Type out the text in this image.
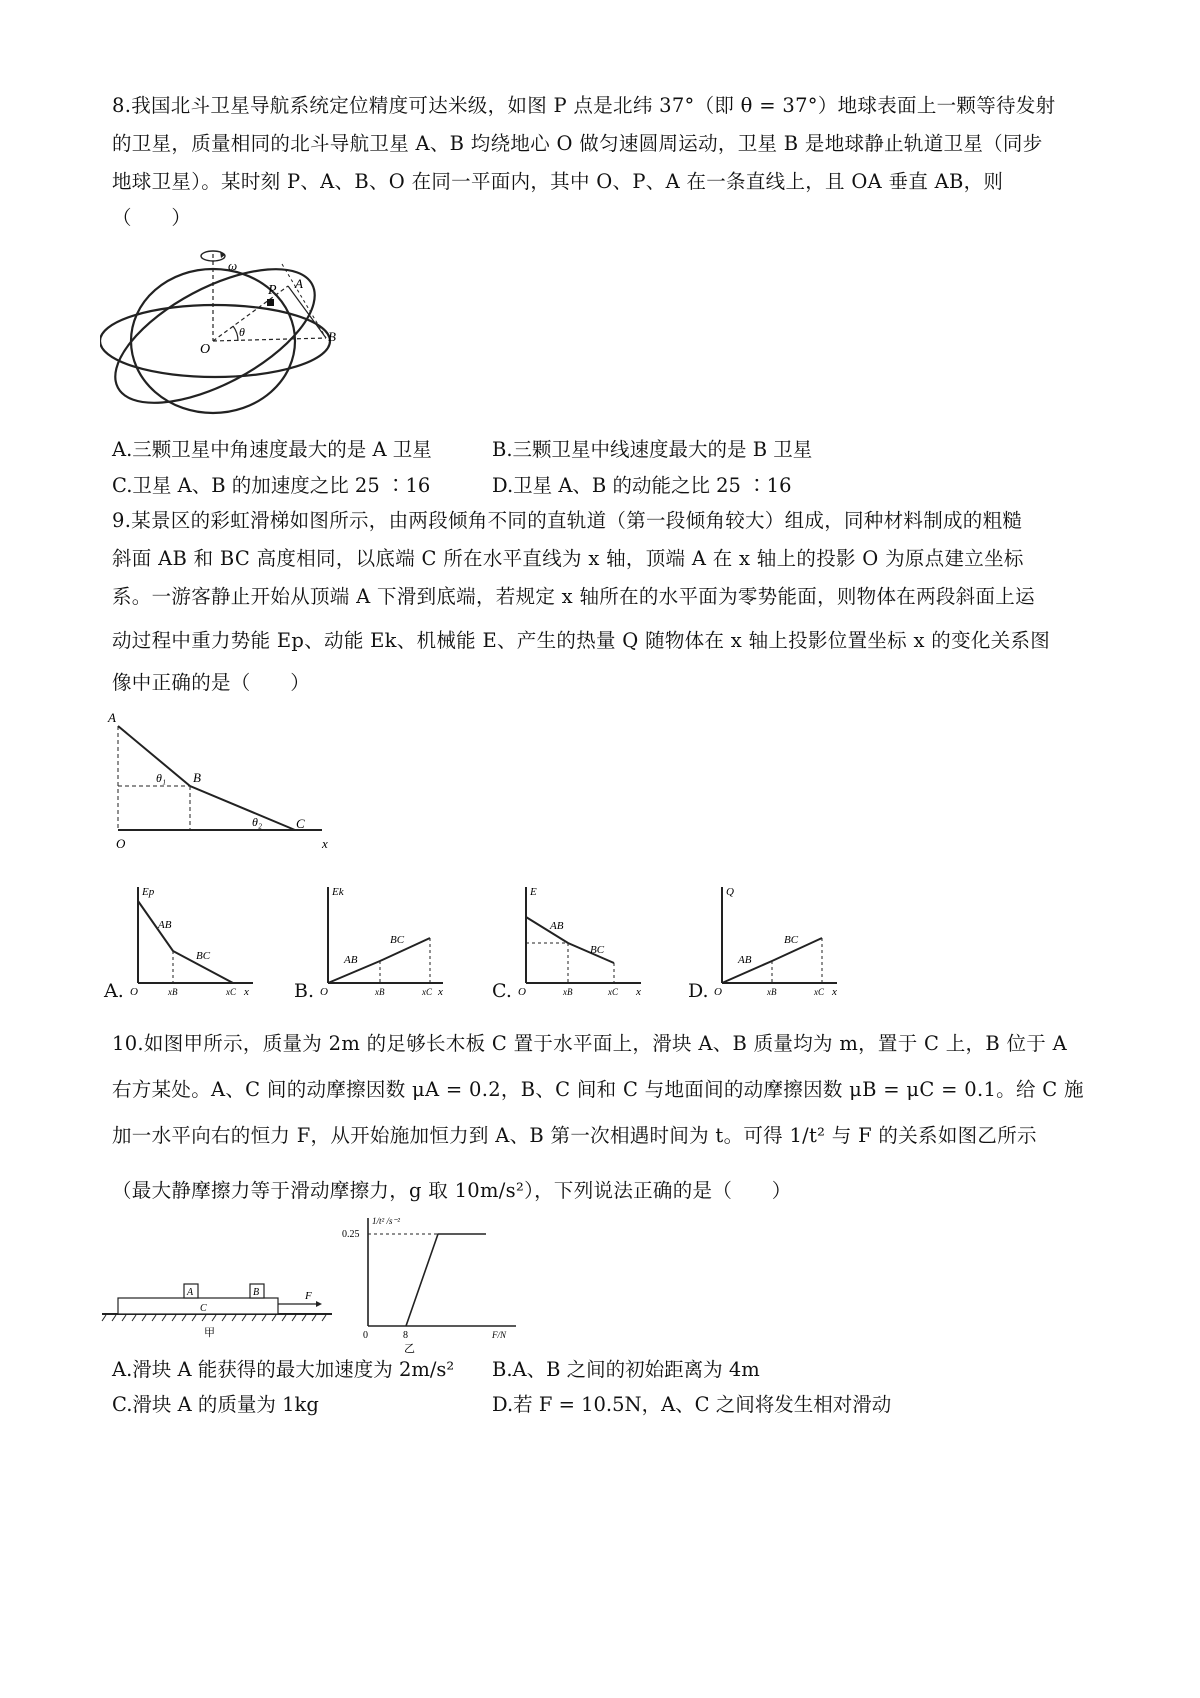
8.我国北斗卫星导航系统定位精度可达米级，如图 P 点是北纬 37°（即 θ = 37°）地球表面上一颗等待发射
的卫星，质量相同的北斗导航卫星 A、B 均绕地心 O 做匀速圆周运动，卫星 B 是地球静止轨道卫星（同步
地球卫星）。某时刻 P、A、B、O 在同一平面内，其中 O、P、A 在一条直线上，且 OA 垂直 AB，则
（　　）
ω
P A
B
O
θ
A.三颗卫星中角速度最大的是 A 卫星	B.三颗卫星中线速度最大的是 B 卫星
C.卫星 A、B 的加速度之比 25 ∶16	D.卫星 A、B 的动能之比 25 ∶16
9.某景区的彩虹滑梯如图所示，由两段倾角不同的直轨道（第一段倾角较大）组成，同种材料制成的粗糙
斜面 AB 和 BC 高度相同，以底端 C 所在水平直线为 x 轴，顶端 A 在 x 轴上的投影 O 为原点建立坐标
系。一游客静止开始从顶端 A 下滑到底端，若规定 x 轴所在的水平面为零势能面，则物体在两段斜面上运
动过程中重力势能 Ep、动能 Ek、机械能 E、产生的热量 Q 随物体在 x 轴上投影位置坐标 x 的变化关系图
像中正确的是（　　）
A
B
C
O	x
θ₁
θ₂
A.
Ep
AB
BC
O	xB	xC x B.
Ek
AB
BC
O	xB	xC x	C.
E
AB
BC
O	xB	xC x D.
Q
AB
BC
O	xB	xC x
10.如图甲所示，质量为 2m 的足够长木板 C 置于水平面上，滑块 A、B 质量均为 m，置于 C 上，B 位于 A
右方某处。A、C 间的动摩擦因数 μA = 0.2，B、C 间和 C 与地面间的动摩擦因数 μB = μC = 0.1。给 C 施
加一水平向右的恒力 F，从开始施加恒力到 A、B 第一次相遇时间为 t。可得 1/t² 与 F 的关系如图乙所示
（最大静摩擦力等于滑动摩擦力，g 取 10m/s²），下列说法正确的是（　　）
A	B
C
F
甲
1/t² /s⁻²
0.25
0	8	F/N
乙
A.滑块 A 能获得的最大加速度为 2m/s² B.A、B 之间的初始距离为 4m
C.滑块 A 的质量为 1kg	D.若 F = 10.5N，A、C 之间将发生相对滑动
